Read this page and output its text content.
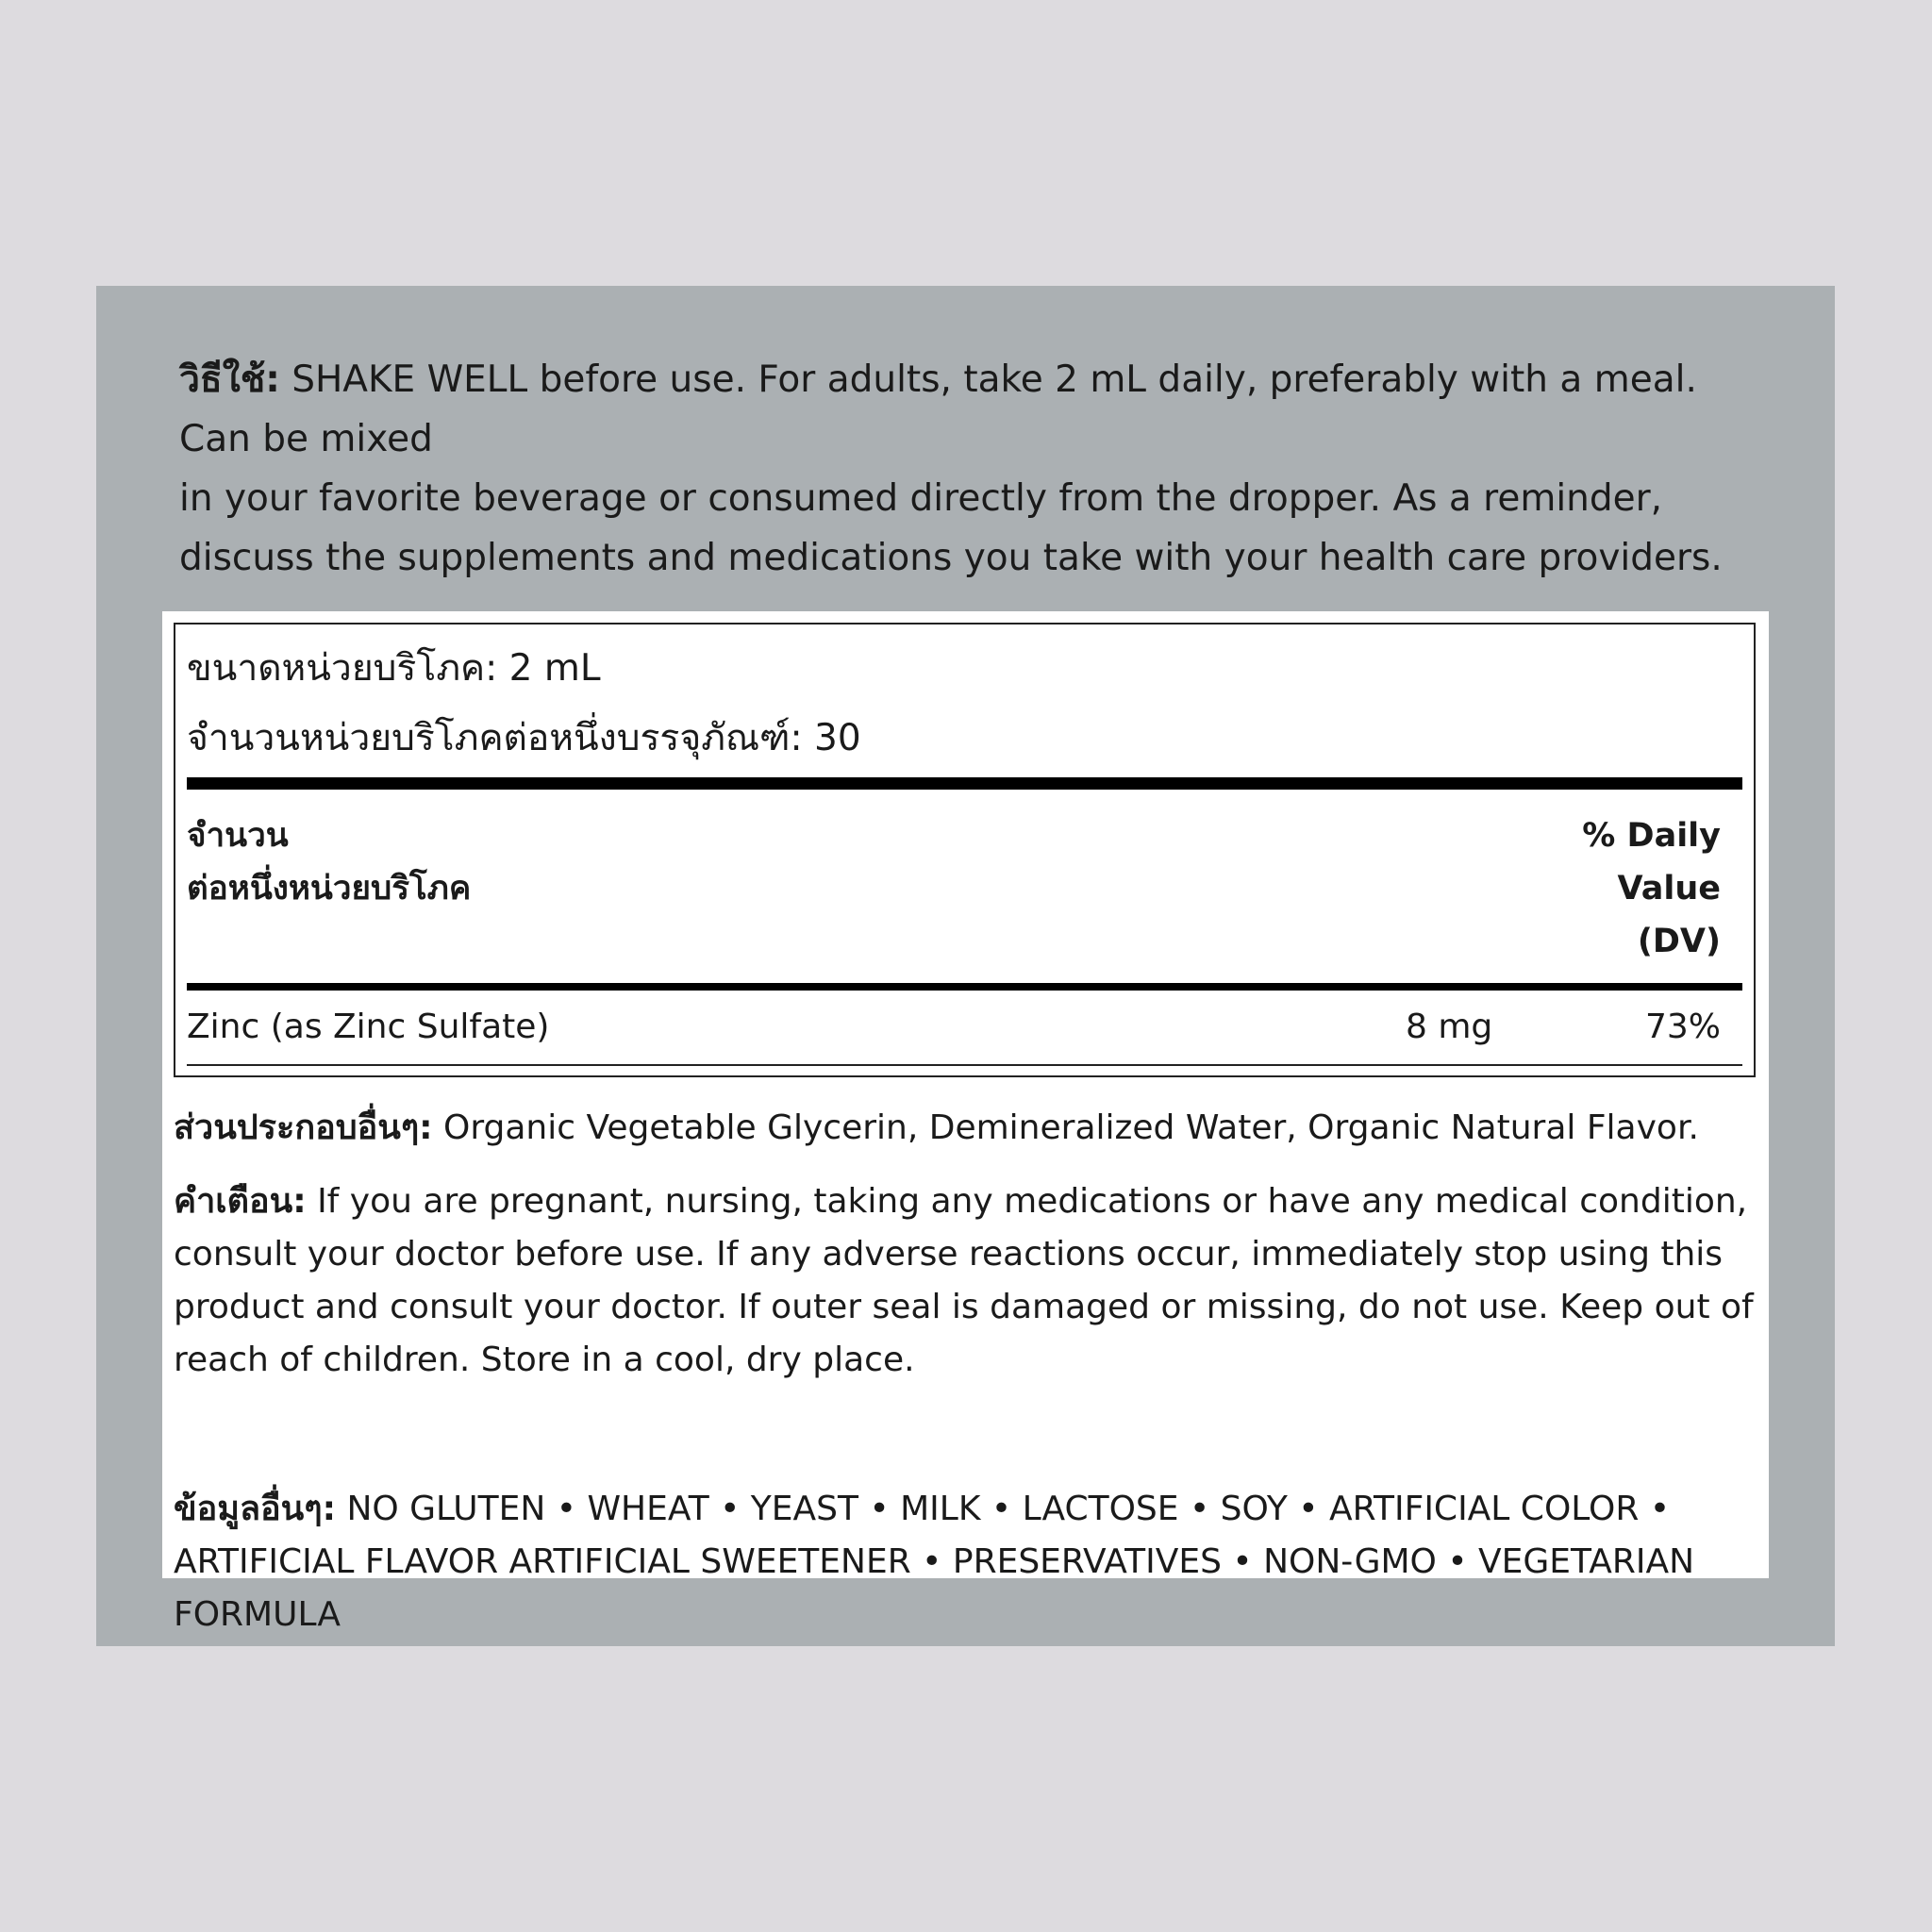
วิธีใช้: SHAKE WELL before use. For adults, take 2 mL daily, preferably with a meal.
Can be mixed
in your favorite beverage or consumed directly from the dropper. As a reminder,
discuss the supplements and medications you take with your health care providers.
ขนาดหน่วยบริโภค: 2 mL
จำนวนหน่วยบริโภคต่อหนึ่งบรรจุภัณฑ์: 30
จำนวน
ต่อหนึ่งหน่วยบริโภค
% Daily
Value
(DV)
Zinc (as Zinc Sulfate)	8 mg	73%
ส่วนประกอบอื่นๆ: Organic Vegetable Glycerin, Demineralized Water, Organic Natural Flavor.
คำเตือน: If you are pregnant, nursing, taking any medications or have any medical condition,
consult your doctor before use. If any adverse reactions occur, immediately stop using this
product and consult your doctor. If outer seal is damaged or missing, do not use. Keep out of
reach of children. Store in a cool, dry place.
ข้อมูลอื่นๆ: NO GLUTEN • WHEAT • YEAST • MILK • LACTOSE • SOY • ARTIFICIAL COLOR •
ARTIFICIAL FLAVOR ARTIFICIAL SWEETENER • PRESERVATIVES • NON-GMO • VEGETARIAN
FORMULA
